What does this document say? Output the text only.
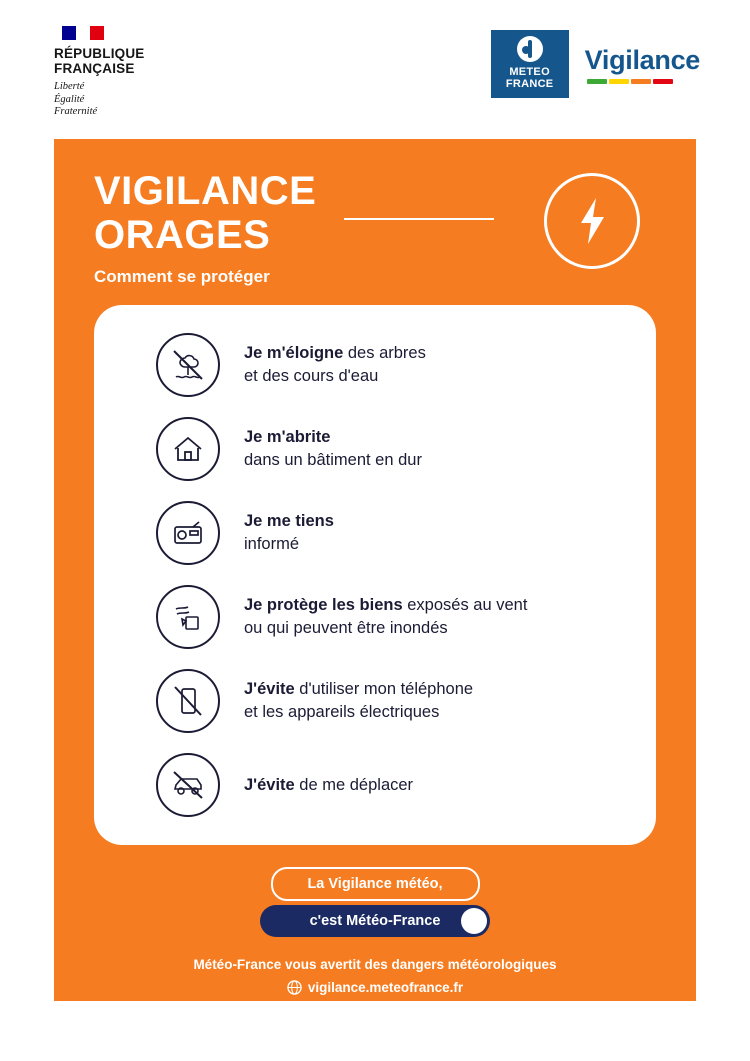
RÉPUBLIQUE
FRANÇAISE
Liberté
Égalité
Fraternité
METEO
FRANCE
Vigilance
VIGILANCE
ORAGES
Comment se protéger
Je m'éloigne des arbres
et des cours d'eau
Je m'abrite
dans un bâtiment en dur
Je me tiens
informé
Je protège les biens exposés au vent
ou qui peuvent être inondés
J'évite d'utiliser mon téléphone
et les appareils électriques
J'évite de me déplacer

La Vigilance météo,
c'est Météo-France
Météo-France vous avertit des dangers météorologiques
vigilance.meteofrance.fr
